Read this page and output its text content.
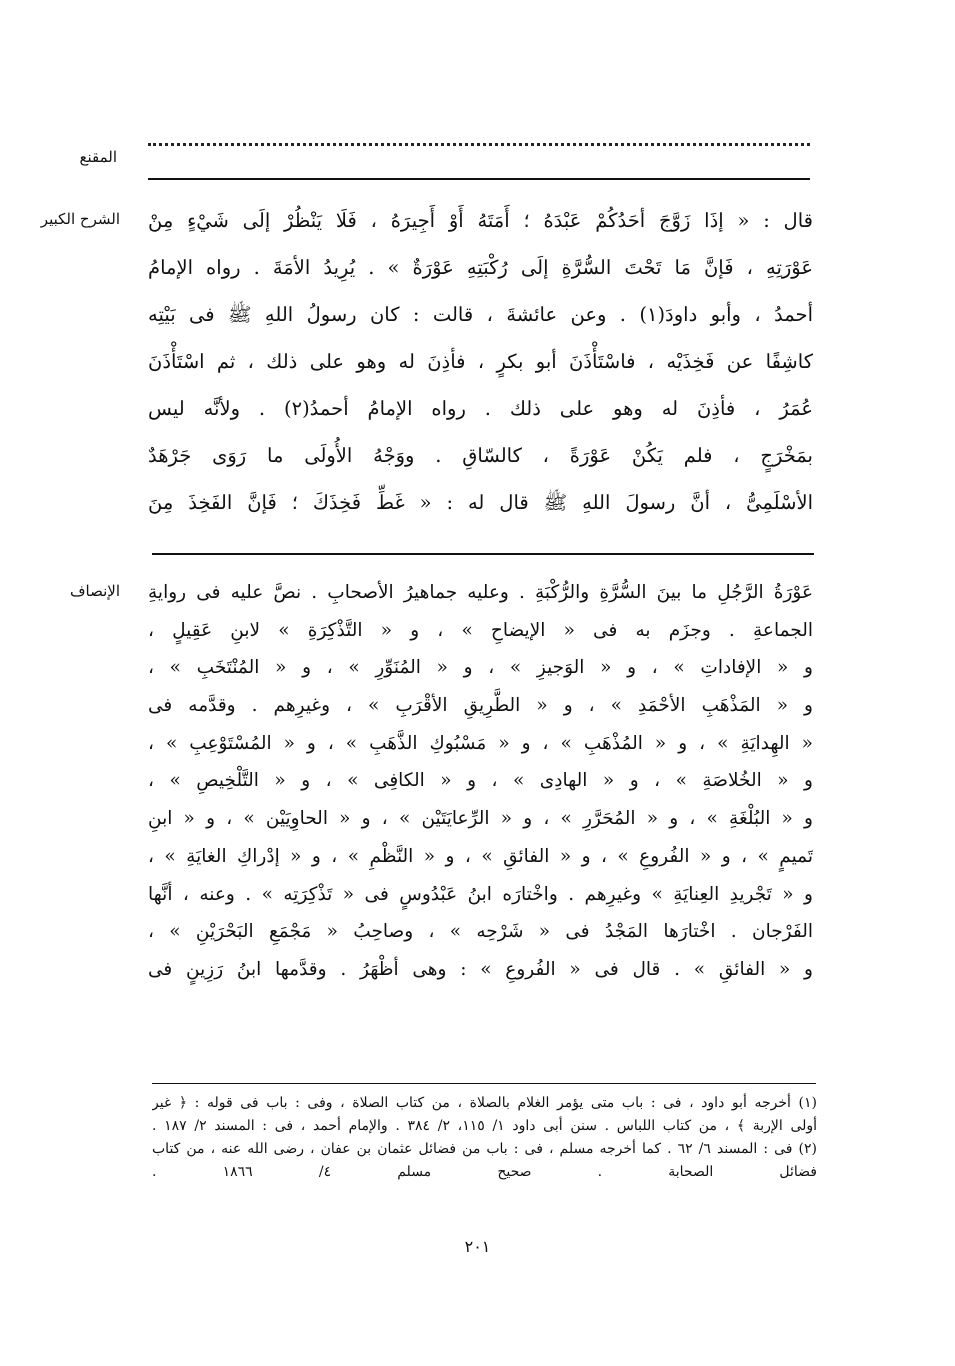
المقنع
الشرح الكبير قال : « إذَا زَوَّجَ أحَدُكُمْ عَبْدَهُ ؛ أَمَتَهُ أَوْ أَجِيرَهُ ، فَلَا يَنْظُرْ إلَى شَيْءٍ مِنْ
عَوْرَتِهِ ، فَإنَّ مَا تَحْتَ السُّرَّةِ إلَى رُكْبَتِهِ عَوْرَةٌ » . يُرِيدُ الأمَةَ . رواه الإمامُ
أحمدُ ، وأبو داودَ(١) . وعن عائشةَ ، قالت : كان رسولُ اللهِ ﷺ فى بَيْتِه
كاشِفًا عن فَخِذَيْه ، فاسْتَأْذَنَ أبو بكرٍ ، فأذِنَ له وهو على ذلك ، ثم اسْتَأْذَنَ
عُمَرُ ، فأذِنَ له وهو على ذلك . رواه الإمامُ أحمدُ(٢) . ولأنَّه ليس
بمَخْرَجٍ ، فلم يَكُنْ عَوْرَةً ، كالسّاقِ . ووَجْهُ الأُولَى ما رَوَى جَرْهَدٌ
الأسْلَمِىُّ ، أنَّ رسولَ اللهِ ﷺ قال له : « غَطِّ فَخِذَكَ ؛ فَإنَّ الفَخِذَ مِنَ
الإنصاف عَوْرَةُ الرَّجُلِ ما بينَ السُّرَّةِ والرُّكْبَةِ . وعليه جماهيرُ الأصحابِ . نصَّ عليه فى روايةِ
الجماعةِ . وجزَم به فى « الإيضاحِ » ، و « التَّذْكِرَةِ » لابنِ عَقِيلٍ ،
و « الإفاداتِ » ، و « الوَجيزِ » ، و « المُنَوِّرِ » ، و « المُنْتَخَبِ » ،
و « المَذْهَبِ الأحْمَدِ » ، و « الطَّرِيقِ الأقْرَبِ » ، وغيرِهم . وقدَّمه فى
« الهِدايَةِ » ، و « المُذْهَبِ » ، و « مَسْبُوكِ الذَّهَبِ » ، و « المُسْتَوْعِبِ » ،
و « الخُلاصَةِ » ، و « الهادِى » ، و « الكافِى » ، و « التَّلْخِيصِ » ،
و « البُلْغَةِ » ، و « المُحَرَّرِ » ، و « الرِّعايَتَيْن » ، و « الحاوِيَيْن » ، و « ابنِ
تَميمٍ » ، و « الفُروعِ » ، و « الفائقِ » ، و « النَّظْمِ » ، و « إدْراكِ الغايَةِ » ،
و « تَجْريدِ العِنايَةِ » وغيرِهم . واخْتارَه ابنُ عَبْدُوسٍ فى « تَذْكِرَتِه » . وعنه ، أنَّها
الفَرْجان . اخْتارَها المَجْدُ فى « شَرْحِه » ، وصاحِبُ « مَجْمَعِ البَحْرَيْنِ » ،
و « الفائقِ » . قال فى « الفُروعِ » : وهى أظْهَرُ . وقدَّمها ابنُ رَزِينٍ فى
(١) أخرجه أبو داود ، فى : باب متى يؤمر الغلام بالصلاة ، من كتاب الصلاة ، وفى : باب فى قوله : ﴿ غير
أولى الإربة ﴾ ، من كتاب اللباس . سنن أبى داود ١/ ١١٥، ٢/ ٣٨٤ . والإمام أحمد ، فى : المسند ٢/ ١٨٧ .
(٢) فى : المسند ٦/ ٦٢ . كما أخرجه مسلم ، فى : باب من فضائل عثمان بن عفان ، رضى الله عنه ، من كتاب
فضائل الصحابة . صحيح مسلم ٤/ ١٨٦٦ .
٢٠١
